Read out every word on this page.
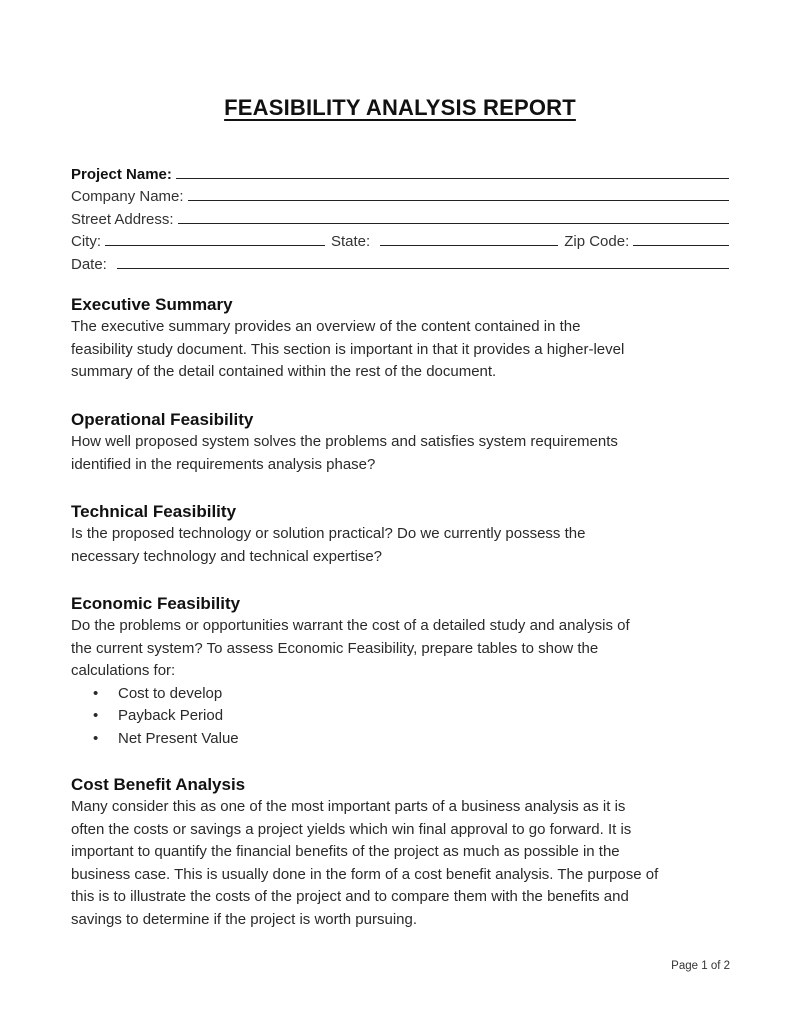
FEASIBILITY ANALYSIS REPORT
Project Name:
Company Name:
Street Address:
City:	State:	Zip Code:
Date:
Executive Summary

The executive summary provides an overview of the content contained in the

feasibility study document. This section is important in that it provides a higher-level

summary of the detail contained within the rest of the document.

Operational Feasibility

How well proposed system solves the problems and satisfies system requirements

identified in the requirements analysis phase?

Technical Feasibility

Is the proposed technology or solution practical? Do we currently possess the

necessary technology and technical expertise?

Economic Feasibility

Do the problems or opportunities warrant the cost of a detailed study and analysis of

the current system? To assess Economic Feasibility, prepare tables to show the

calculations for:

• Cost to develop
• Payback Period
• Net Present Value
Cost Benefit Analysis

Many consider this as one of the most important parts of a business analysis as it is

often the costs or savings a project yields which win final approval to go forward. It is

important to quantify the financial benefits of the project as much as possible in the

business case. This is usually done in the form of a cost benefit analysis. The purpose of

this is to illustrate the costs of the project and to compare them with the benefits and

savings to determine if the project is worth pursuing.

Page 1 of 2
